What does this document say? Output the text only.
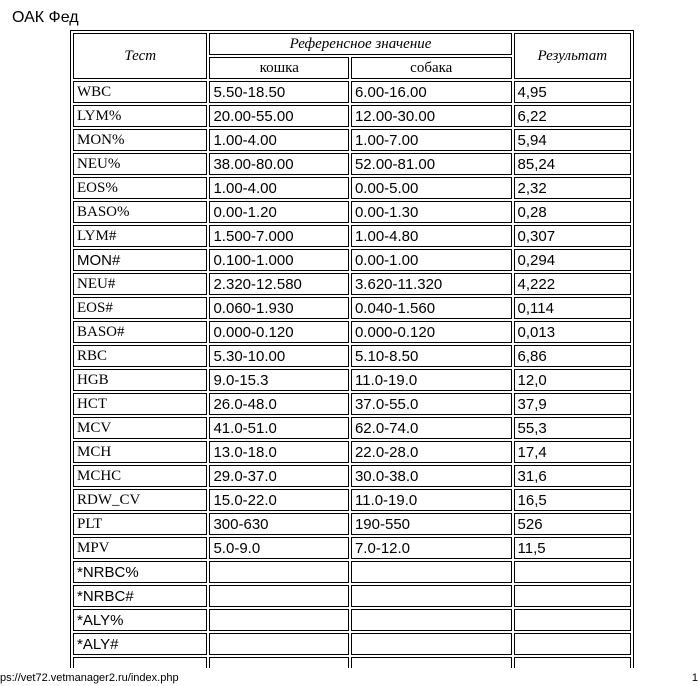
ОАК Фед
Тест	Референсное значение		Результат
	кошка	собака	
WBC	5.50-18.50	6.00-16.00	4,95
LYM%	20.00-55.00	12.00-30.00	6,22
MON%	1.00-4.00	1.00-7.00	5,94
NEU%	38.00-80.00	52.00-81.00	85,24
EOS%	1.00-4.00	0.00-5.00	2,32
BASO%	0.00-1.20	0.00-1.30	0,28
LYM#	1.500-7.000	1.00-4.80	0,307
MON#	0.100-1.000	0.00-1.00	0,294
NEU#	2.320-12.580	3.620-11.320	4,222
EOS#	0.060-1.930	0.040-1.560	0,114
BASO#	0.000-0.120	0.000-0.120	0,013
RBC	5.30-10.00	5.10-8.50	6,86
HGB	9.0-15.3	11.0-19.0	12,0
HCT	26.0-48.0	37.0-55.0	37,9
MCV	41.0-51.0	62.0-74.0	55,3
MCH	13.0-18.0	22.0-28.0	17,4
MCHC	29.0-37.0	30.0-38.0	31,6
RDW_CV	15.0-22.0	11.0-19.0	16,5
PLT	300-630	190-550	526
MPV	5.0-9.0	7.0-12.0	11,5
*NRBC%			
*NRBC#			
*ALY%			
*ALY#			

ps://vet72.vetmanager2.ru/index.php	1
